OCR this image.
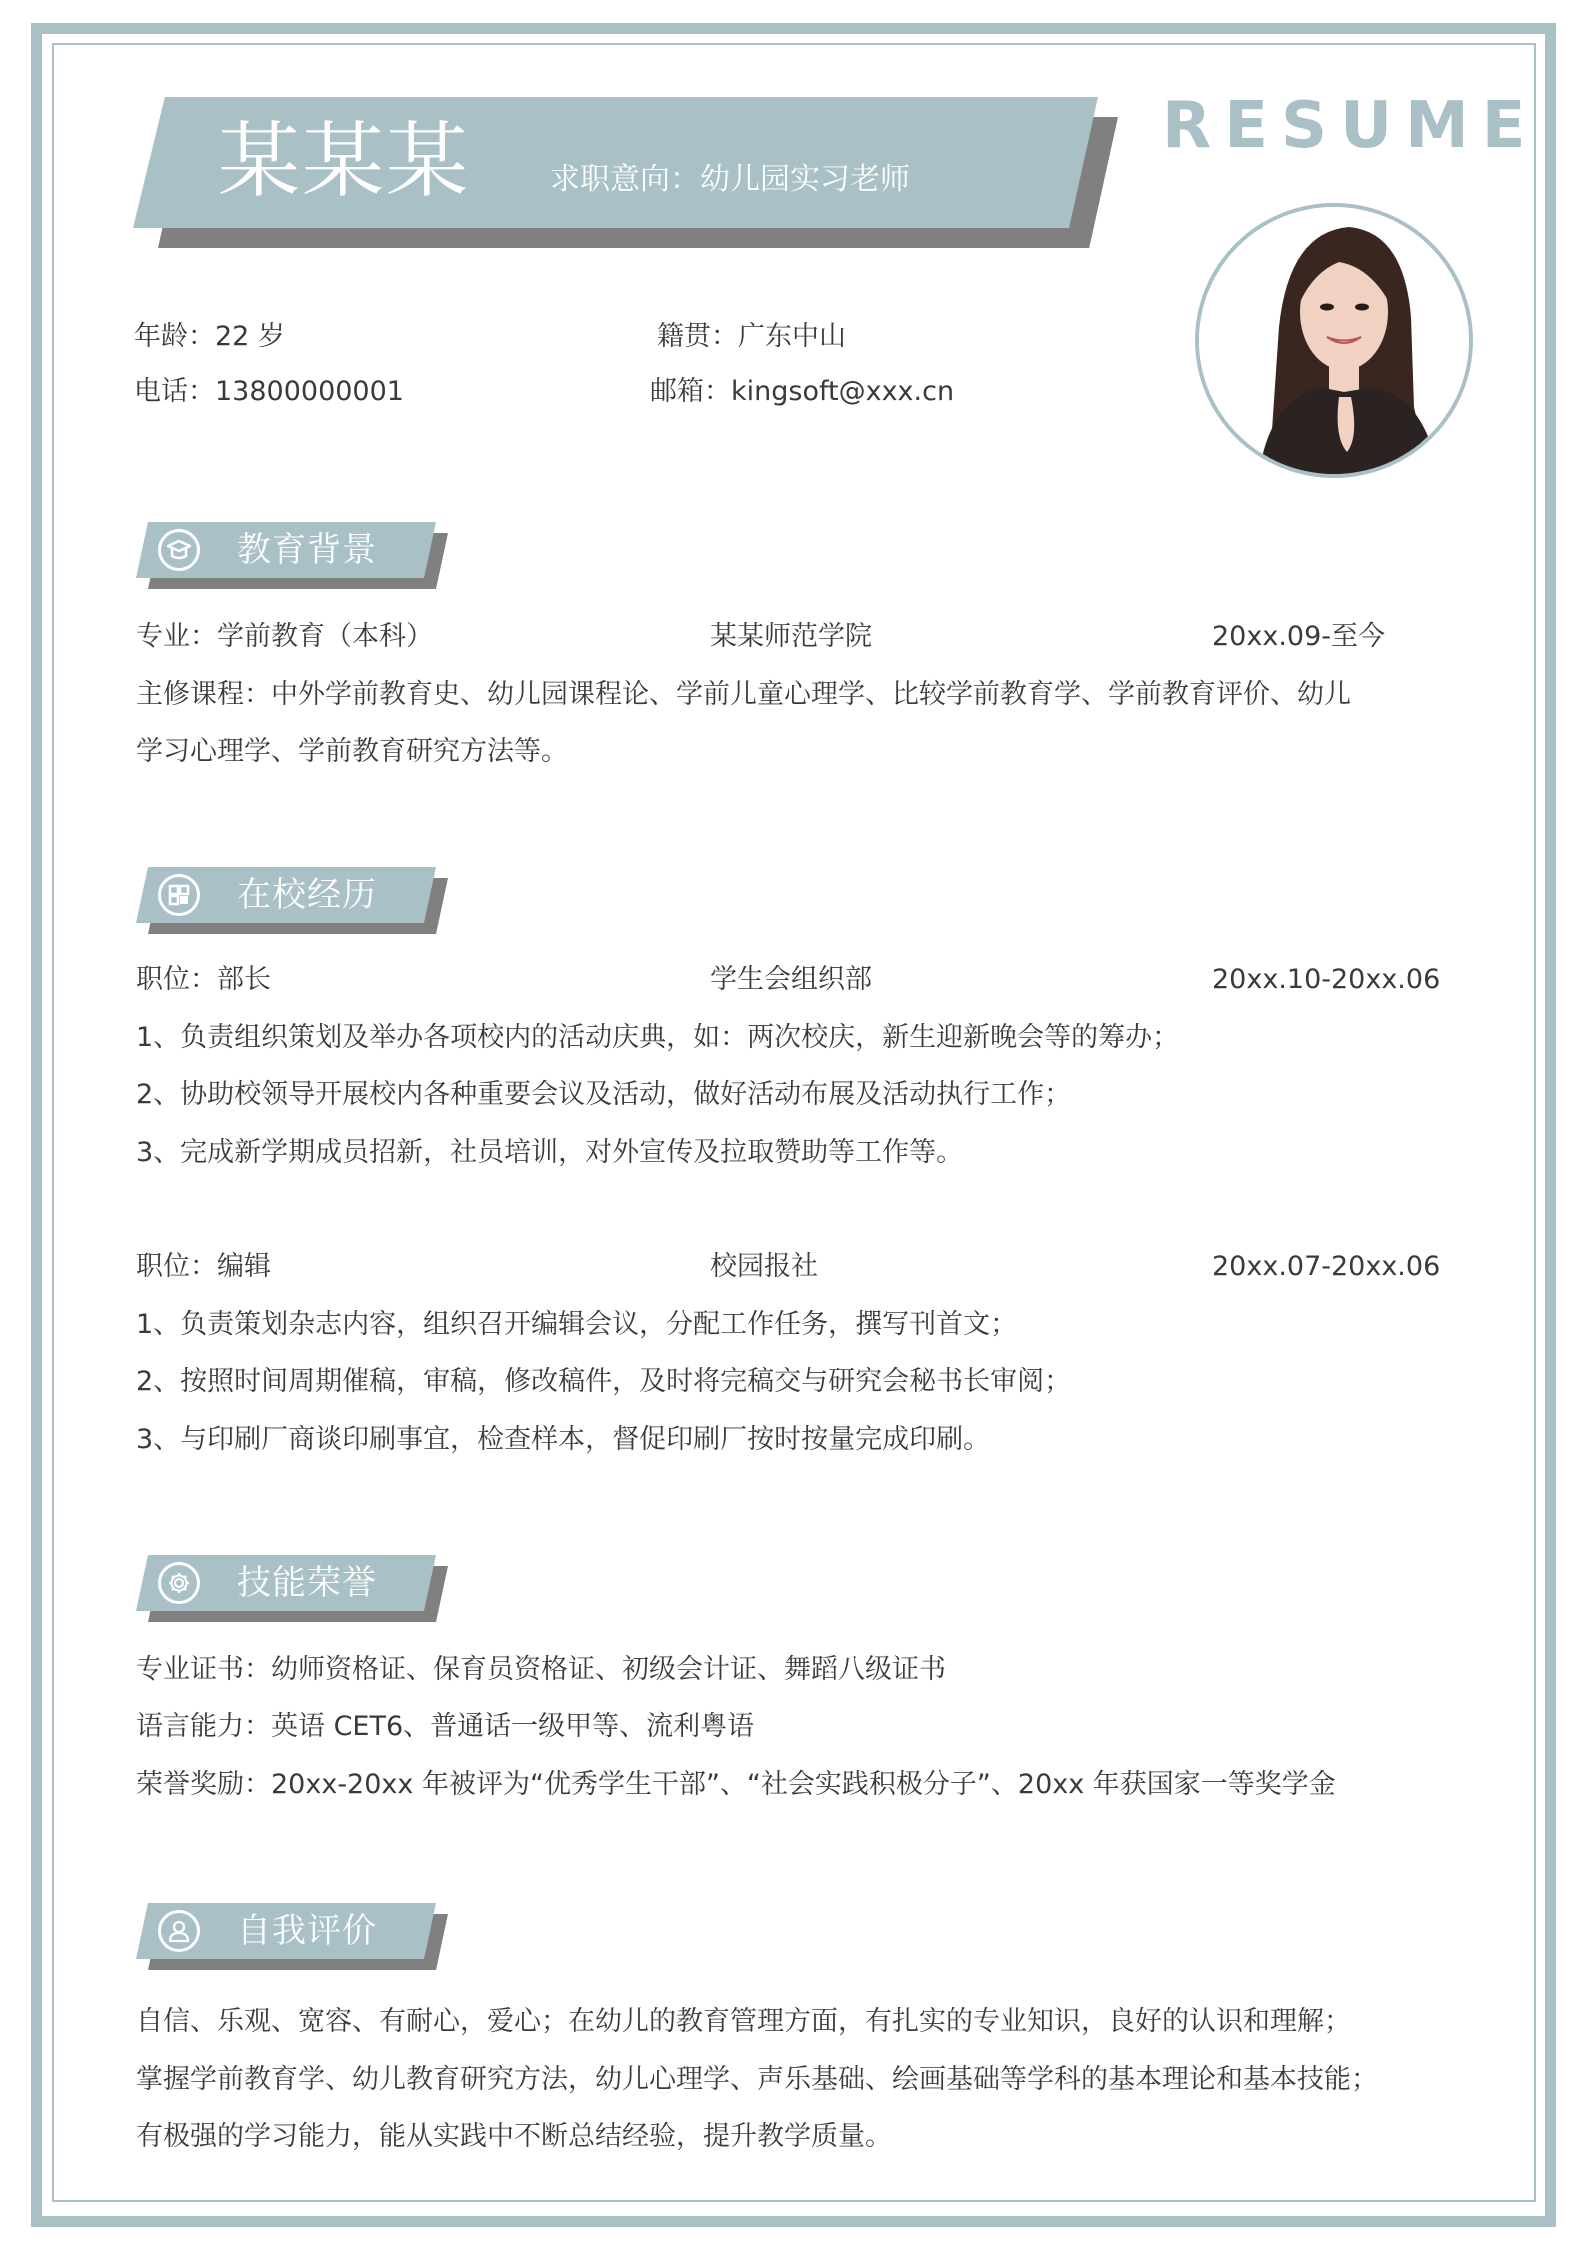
某某某	求职意向：幼儿园实习老师
RESUME
年龄：22 岁	籍贯：广东中山
电话：13800000001	邮箱：kingsoft@xxx.cn
教育背景
专业：学前教育（本科）	某某师范学院	20xx.09-至今
主修课程：中外学前教育史、幼儿园课程论、学前儿童心理学、比较学前教育学、学前教育评价、幼儿
学习心理学、学前教育研究方法等。
在校经历
职位：部长	学生会组织部	20xx.10-20xx.06
1、负责组织策划及举办各项校内的活动庆典，如：两次校庆，新生迎新晚会等的筹办；
2、协助校领导开展校内各种重要会议及活动，做好活动布展及活动执行工作；
3、完成新学期成员招新，社员培训，对外宣传及拉取赞助等工作等。
职位：编辑	校园报社	20xx.07-20xx.06
1、负责策划杂志内容，组织召开编辑会议，分配工作任务，撰写刊首文；
2、按照时间周期催稿，审稿，修改稿件，及时将完稿交与研究会秘书长审阅；
3、与印刷厂商谈印刷事宜，检查样本，督促印刷厂按时按量完成印刷。
技能荣誉
专业证书：幼师资格证、保育员资格证、初级会计证、舞蹈八级证书
语言能力：英语 CET6、普通话一级甲等、流利粤语
荣誉奖励：20xx-20xx 年被评为“优秀学生干部”、“社会实践积极分子”、20xx 年获国家一等奖学金
自我评价
自信、乐观、宽容、有耐心，爱心；在幼儿的教育管理方面，有扎实的专业知识，良好的认识和理解；
掌握学前教育学、幼儿教育研究方法，幼儿心理学、声乐基础、绘画基础等学科的基本理论和基本技能；
有极强的学习能力，能从实践中不断总结经验，提升教学质量。
